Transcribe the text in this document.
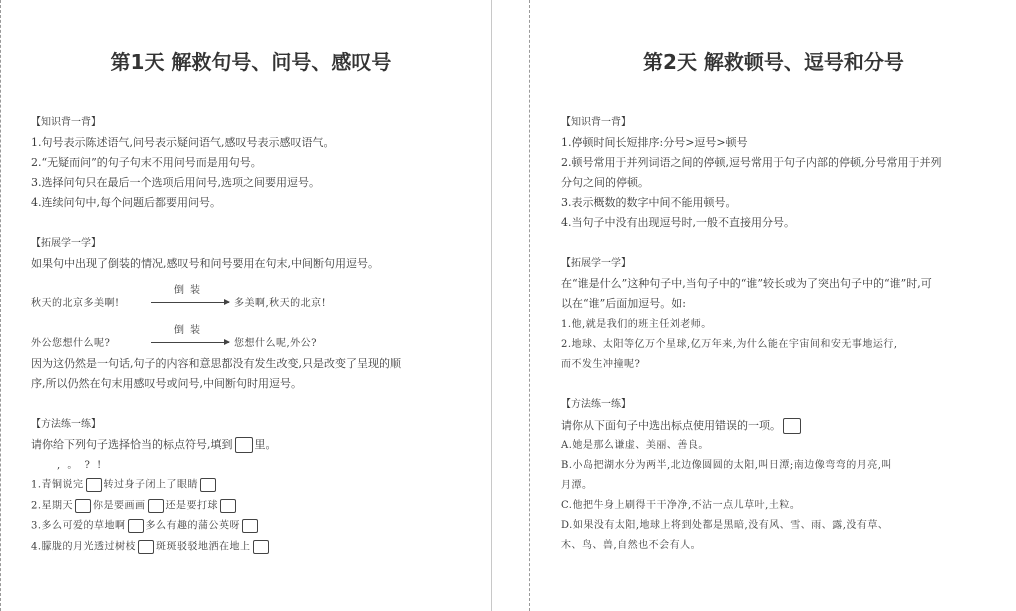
第1天 解救句号、问号、感叹号
【知识背一背】
1.句号表示陈述语气,问号表示疑问语气,感叹号表示感叹语气。
2.“无疑而问”的句子句末不用问号而是用句号。
3.选择问句只在最后一个选项后用问号,选项之间要用逗号。
4.连续问句中,每个问题后都要用问号。
【拓展学一学】
如果句中出现了倒装的情况,感叹号和问号要用在句末,中间断句用逗号。
秋天的北京多美啊!
倒装
多美啊,秋天的北京!
外公您想什么呢?
倒装
您想什么呢,外公?
因为这仍然是一句话,句子的内容和意思都没有发生改变,只是改变了呈现的顺
序,所以仍然在句末用感叹号或问号,中间断句时用逗号。
【方法练一练】
请你给下列句子选择恰当的标点符号,填到 里。
, 。 ? !
1.青铜说完 转过身子闭上了眼睛
2.星期天 你是要画画 还是要打球
3.多么可爱的草地啊 多么有趣的蒲公英呀
4.朦胧的月光透过树枝 斑斑驳驳地洒在地上
第2天 解救顿号、逗号和分号
【知识背一背】
1.停顿时间长短排序:分号>逗号>顿号
2.顿号常用于并列词语之间的停顿,逗号常用于句子内部的停顿,分号常用于并列
分句之间的停顿。
3.表示概数的数字中间不能用顿号。
4.当句子中没有出现逗号时,一般不直接用分号。
【拓展学一学】
在“谁是什么”这种句子中,当句子中的“谁”较长或为了突出句子中的“谁”时,可
以在“谁”后面加逗号。如:
1.他,就是我们的班主任刘老师。
2.地球、太阳等亿万个星球,亿万年来,为什么能在宇宙间和安无事地运行,
而不发生冲撞呢?
【方法练一练】
请你从下面句子中选出标点使用错误的一项。
A.她是那么谦虚、美丽、善良。
B.小岛把湖水分为两半,北边像圆圆的太阳,叫日潭;南边像弯弯的月亮,叫
月潭。
C.他把牛身上刷得干干净净,不沾一点儿草叶,土粒。
D.如果没有太阳,地球上将到处都是黑暗,没有风、雪、雨、露,没有草、
木、鸟、兽,自然也不会有人。
